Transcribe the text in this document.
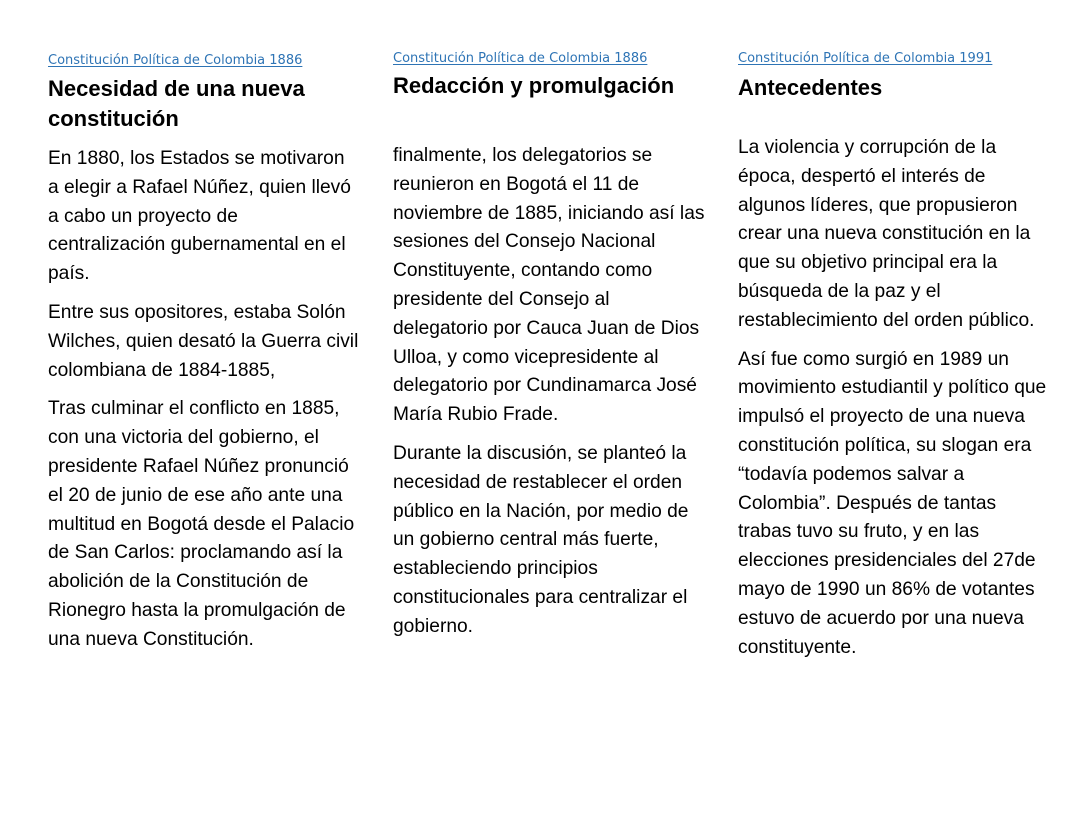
Constitución Política de Colombia 1886
Necesidad de una nueva constitución

En 1880, los Estados se motivaron a elegir a Rafael Núñez, quien llevó a cabo un proyecto de centralización gubernamental en el país.

Entre sus opositores, estaba Solón Wilches, quien desató la Guerra civil colombiana de 1884-1885,

Tras culminar el conflicto en 1885, con una victoria del gobierno, el presidente Rafael Núñez pronunció el 20 de junio de ese año ante una multitud en Bogotá desde el Palacio de San Carlos: proclamando así la abolición de la Constitución de Rionegro hasta la promulgación de una nueva Constitución.

Constitución Política de Colombia 1886
Redacción y promulgación

finalmente, los delegatorios se reunieron en Bogotá el 11 de noviembre de 1885, iniciando así las sesiones del Consejo Nacional Constituyente, contando como presidente del Consejo al delegatorio por Cauca Juan de Dios Ulloa, y como vicepresidente al delegatorio por Cundinamarca José María Rubio Frade.

Durante la discusión, se planteó la necesidad de restablecer el orden público en la Nación, por medio de un gobierno central más fuerte, estableciendo principios constitucionales para centralizar el gobierno.

Constitución Política de Colombia 1991
Antecedentes

La violencia y corrupción de la época, despertó el interés de algunos líderes, que propusieron crear una nueva constitución en la que su objetivo principal era la búsqueda de la paz y el restablecimiento del orden público.

Así fue como surgió en 1989 un movimiento estudiantil y político que impulsó el proyecto de una nueva constitución política, su slogan era “todavía podemos salvar a Colombia”. Después de tantas trabas tuvo su fruto, y en las elecciones presidenciales del 27de mayo de 1990 un 86% de votantes estuvo de acuerdo por una nueva constituyente.
